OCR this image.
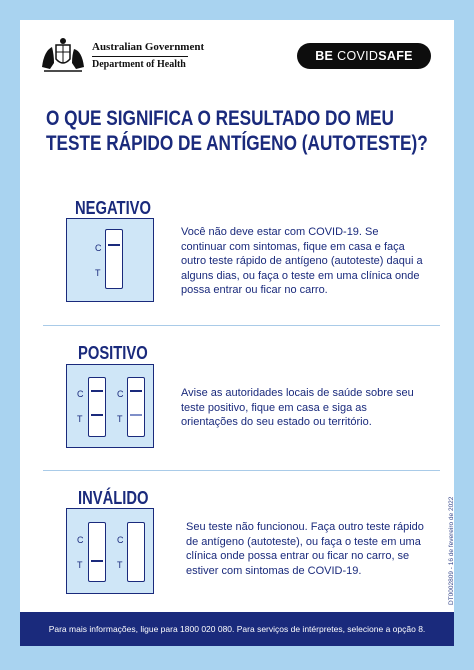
Australian Government
Department of Health
BE COVID SAFE
O QUE SIGNIFICA O RESULTADO DO MEU
TESTE RÁPIDO DE ANTÍGENO (AUTOTESTE)?
NEGATIVO
C
T
Você não deve estar com COVID-19. Se continuar com sintomas, fique em casa e faça outro teste rápido de antígeno (autoteste) daqui a alguns dias, ou faça o teste em uma clínica onde possa entrar ou ficar no carro.
POSITIVO
C
T
C
T
Avise as autoridades locais de saúde sobre seu teste positivo, fique em casa e siga as orientações do seu estado ou território.
INVÁLIDO
C
T
C
T
Seu teste não funcionou. Faça outro teste rápido de antígeno (autoteste), ou faça o teste em uma clínica onde possa entrar ou ficar no carro, se estiver com sintomas de COVID-19.	DT0002809 - 16 de fevereiro de 2022
Para mais informações, ligue para 1800 020 080. Para serviços de intérpretes, selecione a opção 8.
